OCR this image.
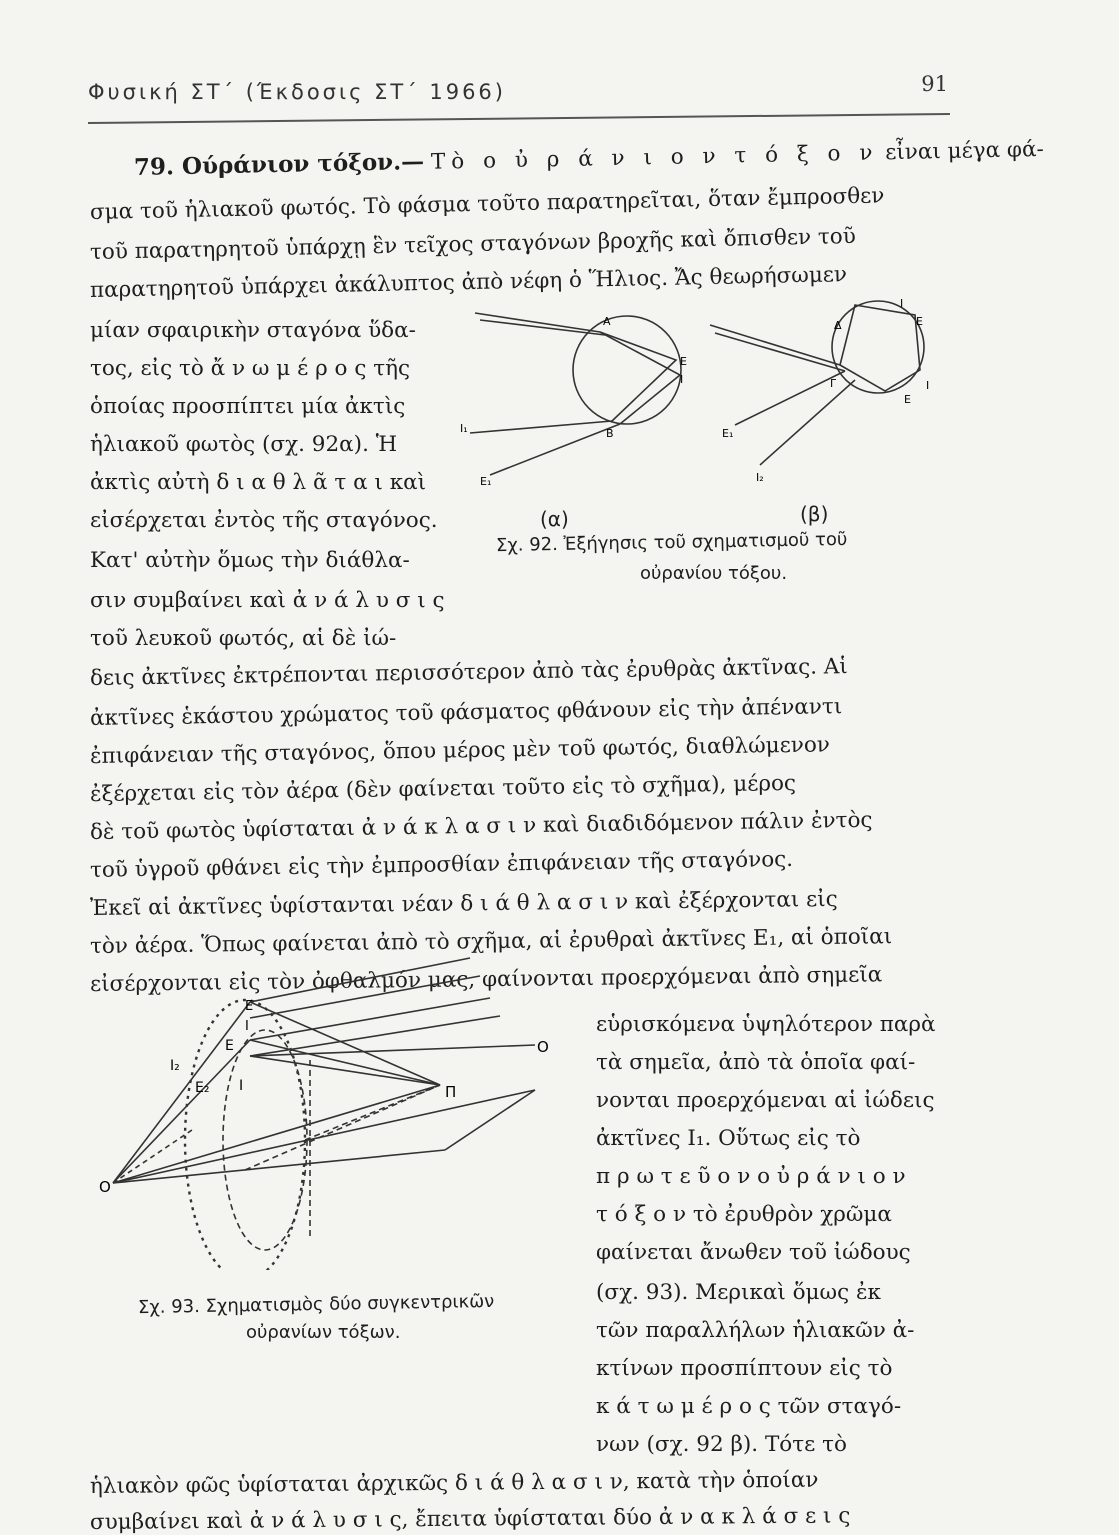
Φυσική ΣΤ΄ (Έκδοσις ΣΤ΄ 1966)	91
79. Ούράνιον τόξον.— Τὸ ο ὐ ρ ά ν ι ο ν τ ό ξ ο ν εἶναι μέγα φά-
σμα τοῦ ἡλιακοῦ φωτός. Τὸ φάσμα τοῦτο παρατηρεῖται, ὅταν ἔμπροσθεν
τοῦ παρατηρητοῦ ὑπάρχῃ ἓν τεῖχος σταγόνων βροχῆς καὶ ὄπισθεν τοῦ
παρατηρητοῦ ὑπάρχει ἀκάλυπτος ἀπὸ νέφη ὁ Ἥλιος. Ἄς θεωρήσωμεν
μίαν σφαιρικὴν σταγόνα ὕδα-
τος, εἰς τὸ ἄ ν ω μ έ ρ ο ς τῆς
ὁποίας προσπίπτει μία ἀκτὶς
ἡλιακοῦ φωτὸς (σχ. 92α). Ἡ
ἀκτὶς αὐτὴ δ ι α θ λ ᾶ τ α ι καὶ
εἰσέρχεται ἐντὸς τῆς σταγόνος.
Κατ' αὐτὴν ὅμως τὴν διάθλα-
σιν συμβαίνει καὶ ἀ ν ά λ υ σ ι ς
τοῦ λευκοῦ φωτός, αἱ δὲ ἰώ-
δεις ἀκτῖνες ἐκτρέπονται περισσότερον ἀπὸ τὰς ἐρυθρὰς ἀκτῖνας. Αἱ
ἀκτῖνες ἑκάστου χρώματος τοῦ φάσματος φθάνουν εἰς τὴν ἀπέναντι
ἐπιφάνειαν τῆς σταγόνος, ὅπου μέρος μὲν τοῦ φωτός, διαθλώμενον
ἐξέρχεται εἰς τὸν ἀέρα (δὲν φαίνεται τοῦτο εἰς τὸ σχῆμα), μέρος
δὲ τοῦ φωτὸς ὑφίσταται ἀ ν ά κ λ α σ ι ν καὶ διαδιδόμενον πάλιν ἐντὸς
τοῦ ὑγροῦ φθάνει εἰς τὴν ἐμπροσθίαν ἐπιφάνειαν τῆς σταγόνος.
Ἐκεῖ αἱ ἀκτῖνες ὑφίστανται νέαν δ ι ά θ λ α σ ι ν καὶ ἐξέρχονται εἰς
τὸν ἀέρα. Ὅπως φαίνεται ἀπὸ τὸ σχῆμα, αἱ ἐρυθραὶ ἀκτῖνες E₁, αἱ ὁποῖαι
εἰσέρχονται εἰς τὸν ὀφθαλμόν μας, φαίνονται προερχόμεναι ἀπὸ σημεῖα
εὑρισκόμενα ὑψηλότερον παρὰ
τὰ σημεῖα, ἀπὸ τὰ ὁποῖα φαί-
νονται προερχόμεναι αἱ ἰώδεις
ἀκτῖνες I₁. Οὕτως εἰς τὸ
π ρ ω τ ε ῦ ο ν ο ὐ ρ ά ν ι ο ν
τ ό ξ ο ν τὸ ἐρυθρὸν χρῶμα
φαίνεται ἄνωθεν τοῦ ἰώδους
(σχ. 93). Μερικαὶ ὅμως ἐκ
τῶν παραλλήλων ἡλιακῶν ἀ-
κτίνων προσπίπτουν εἰς τὸ
κ ά τ ω μ έ ρ ο ς τῶν σταγό-
νων (σχ. 92 β). Τότε τὸ
ἡλιακὸν φῶς ὑφίσταται ἀρχικῶς δ ι ά θ λ α σ ι ν, κατὰ τὴν ὁποίαν
συμβαίνει καὶ ἀ ν ά λ υ σ ι ς, ἔπειτα ὑφίσταται δύο ἀ ν α κ λ ά σ ε ι ς
A
E
I
B
I₁
E₁
I
E
Δ
Γ	I
E
E₁
I₂
(α)	(β)
Σχ. 92. Ἐξήγησις τοῦ σχηματισμοῦ τοῦ
οὐρανίου τόξου.
O
Π
O
E
I
E₂
I₂
E
I
Σχ. 93. Σχηματισμὸς δύο συγκεντρικῶν
οὐρανίων τόξων.
